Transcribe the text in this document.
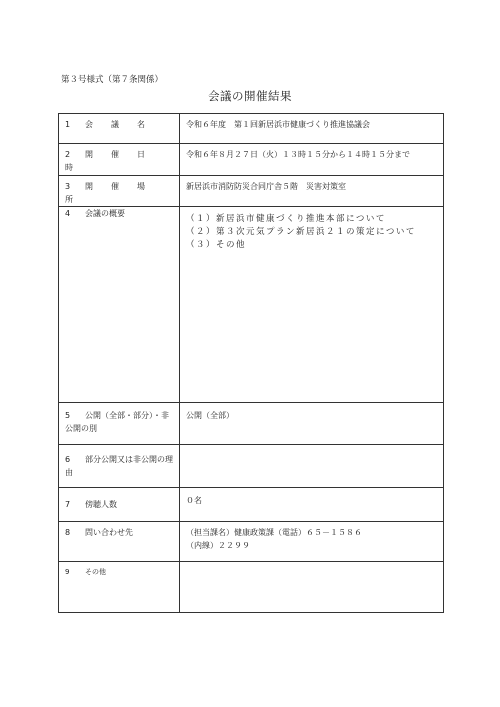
第３号様式（第７条関係）
会議の開催結果
1 会　議　名	令和６年度　第１回新居浜市健康づくり推進協議会

2 開　催　日　時	令和６年８月２７日（火）１３時１５分から１４時１５分まで

3 開　催　場　所	新居浜市消防防災合同庁舎５階　災害対策室

4 会議の概要	（１）新居浜市健康づくり推進本部について
（２）第３次元気プラン新居浜２１の策定について
（３）その他

5 公開（全部・部分）・非公開の別	公開（全部）

6 部分公開又は非公開の理由	

7 傍聴人数	０名

8 問い合わせ先	（担当課名）健康政策課（電話）６５－１５８６
（内線）２２９９

9 その他	
